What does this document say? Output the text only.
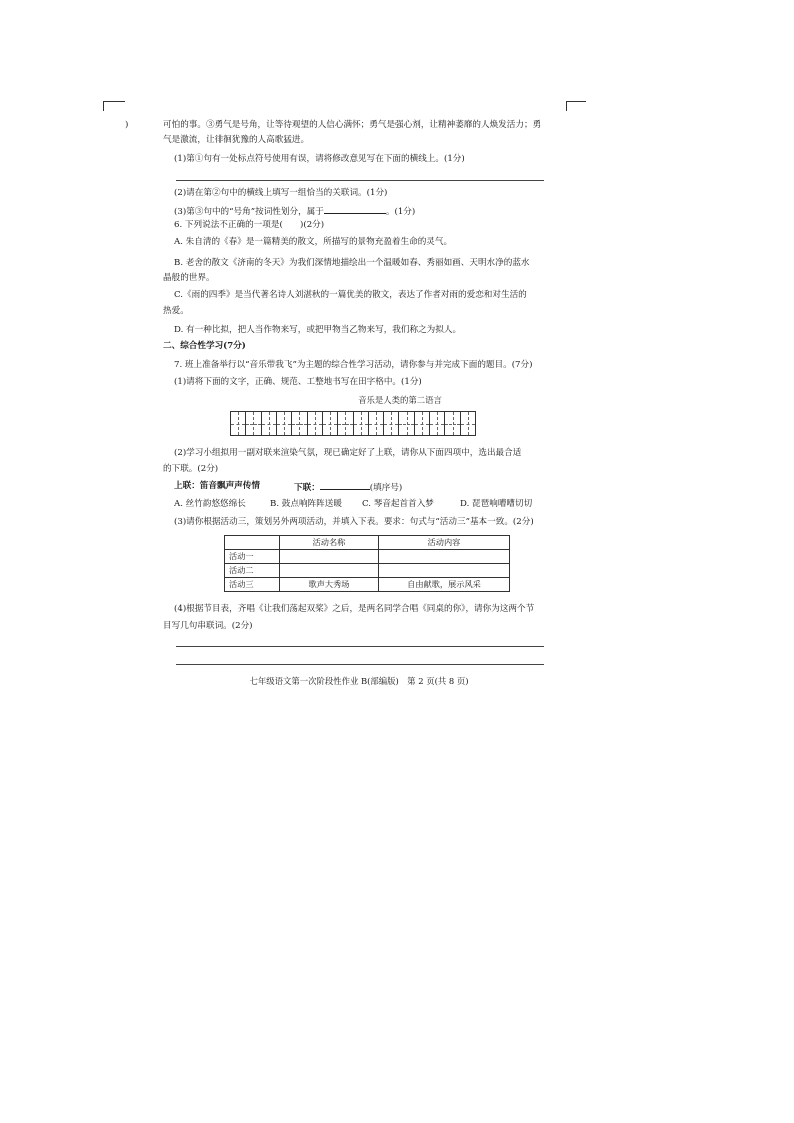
)	可怕的事。③勇气是号角，让等待观望的人信心满怀；勇气是强心剂，让精神萎靡的人焕发活力；勇
气是激流，让徘徊犹豫的人高歌猛进。
(1)第①句有一处标点符号使用有误，请将修改意见写在下面的横线上。(1分)
(2)请在第②句中的横线上填写一组恰当的关联词。(1分)
(3)第③句中的“号角”按词性划分，属于	。(1分)
6. 下列说法不正确的一项是(　　)(2分)
A. 朱自清的《春》是一篇精美的散文，所描写的景物充盈着生命的灵气。
B. 老舍的散文《济南的冬天》为我们深情地描绘出一个温暖如春、秀丽如画、天明水净的蓝水
晶般的世界。
C.《雨的四季》是当代著名诗人刘湛秋的一篇优美的散文，表达了作者对雨的爱恋和对生活的
热爱。
D. 有一种比拟，把人当作物来写，或把甲物当乙物来写，我们称之为拟人。
二、综合性学习(7分)
7. 班上准备举行以“音乐带我飞”为主题的综合性学习活动，请你参与并完成下面的题目。(7分)
(1)请将下面的文字，正确、规范、工整地书写在田字格中。(1分)
音乐是人类的第二语言
(2)学习小组拟用一副对联来渲染气氛，现已确定好了上联，请你从下面四项中，选出最合适
的下联。(2分)
上联：笛音飘声声传情	下联：	(填序号)
A. 丝竹韵悠悠绵长	B. 鼓点响阵阵送暖 C. 琴音起首首入梦	D. 琵琶响嘈嘈切切
(3)请你根据活动三，策划另外两项活动，并填入下表。要求：句式与“活动三”基本一致。(2分)
	活动名称	活动内容
活动一		
活动二		
活动三	歌声大秀场	自由献歌，展示风采
(4)根据节目表，齐唱《让我们荡起双桨》之后，是两名同学合唱《同桌的你》，请你为这两个节
目写几句串联词。(2分)
七年级语文第一次阶段性作业 B(部编版)　第 2 页(共 8 页)
